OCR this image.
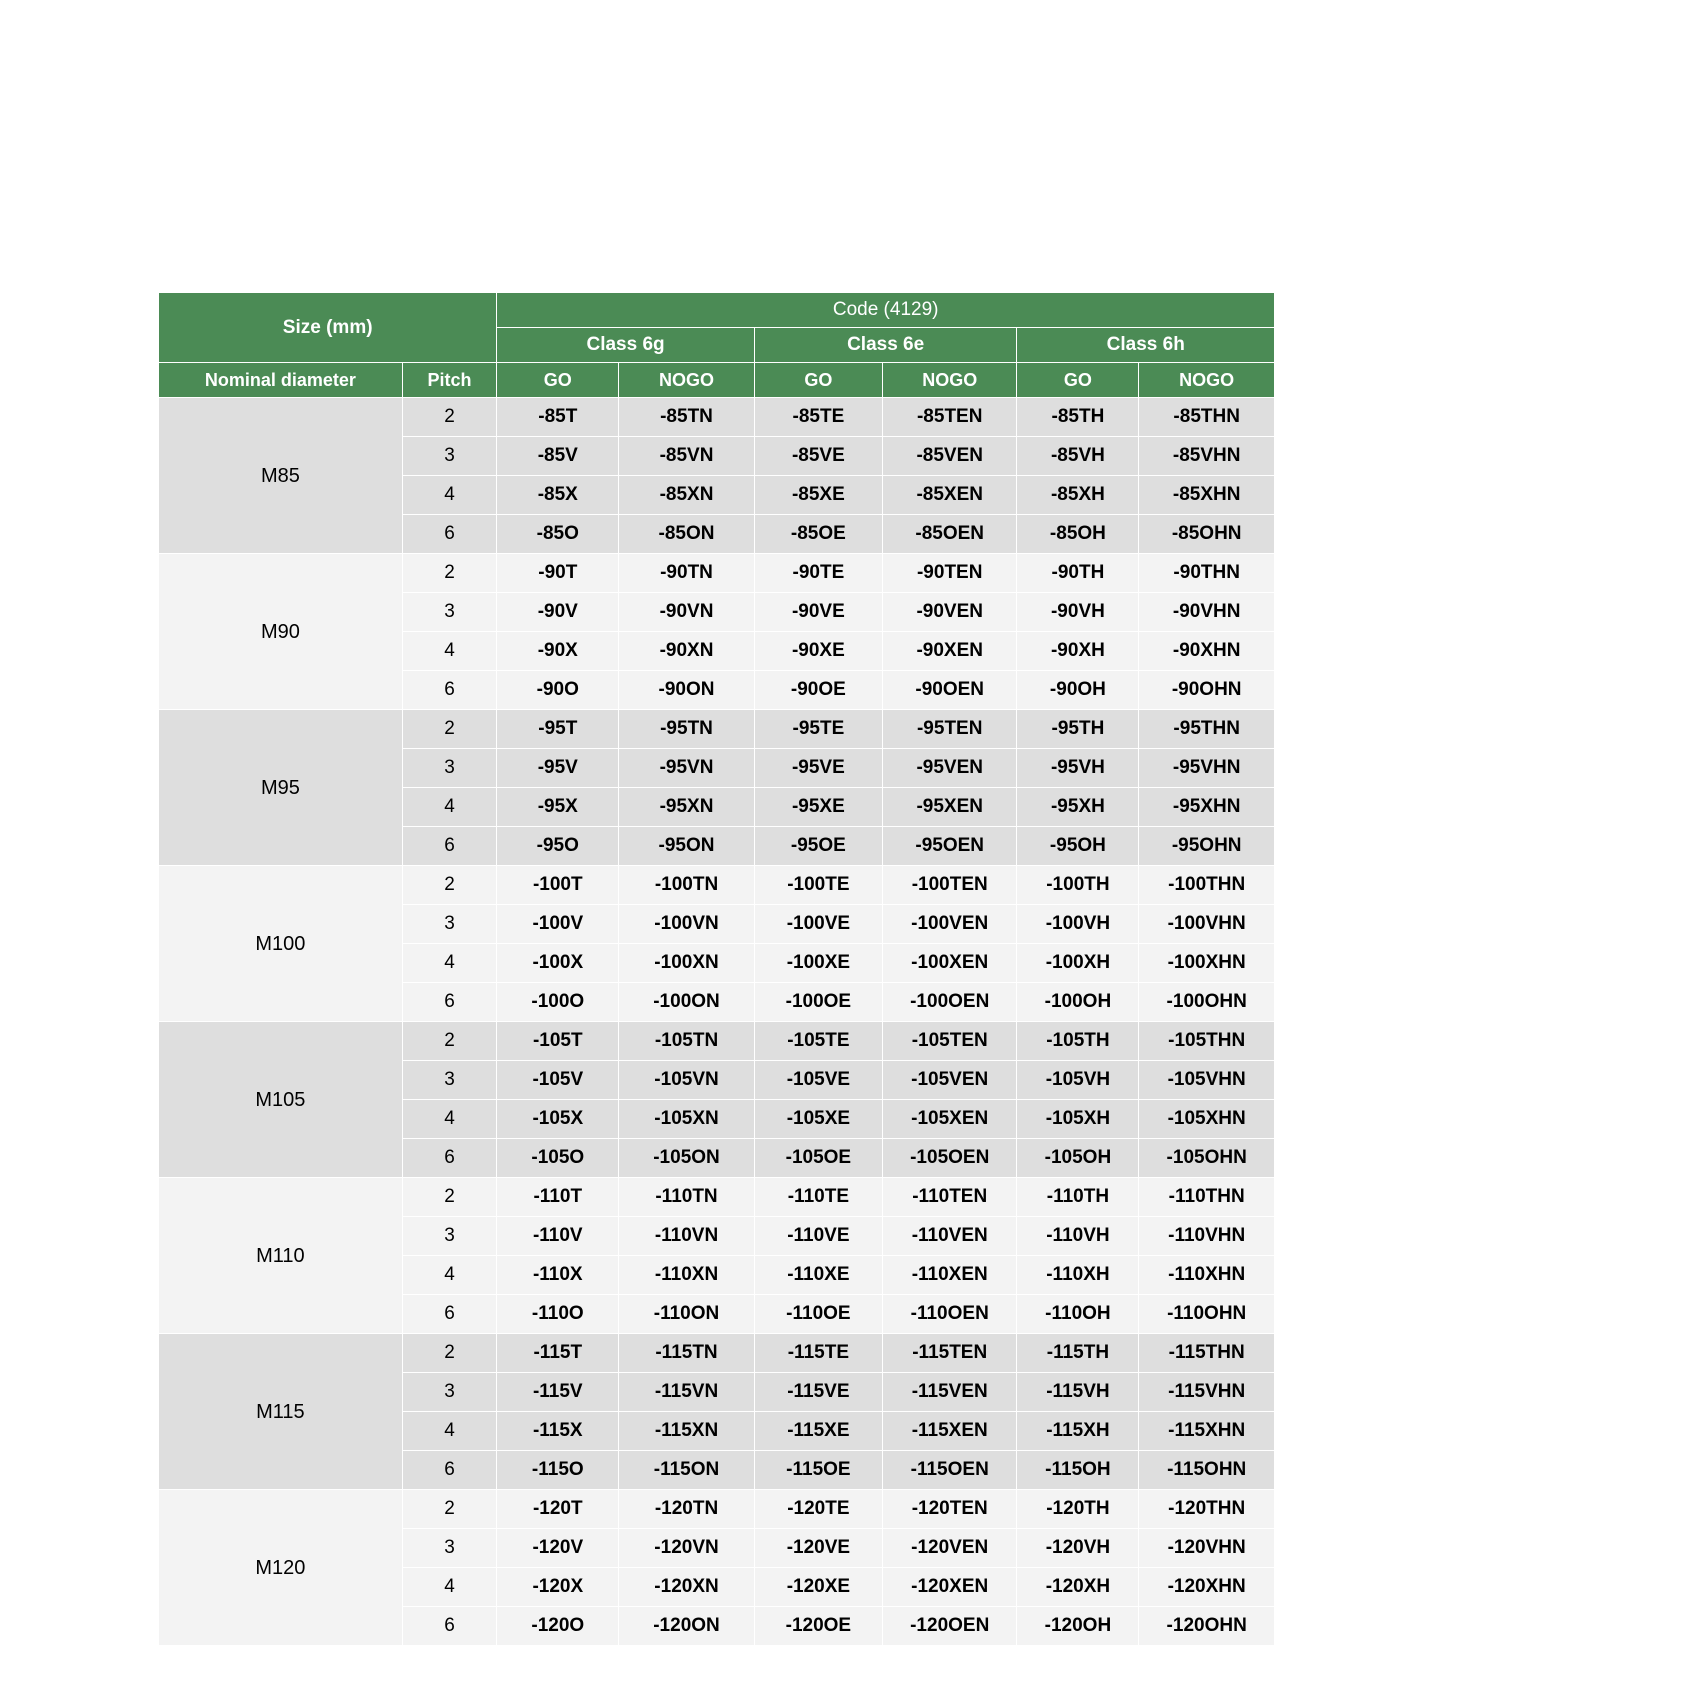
Size (mm)		Code (4129)					
		Class 6g		Class 6e		Class 6h	
Nominal diameter	Pitch	GO	NOGO	GO	NOGO	GO	NOGO
M85	2	-85T	-85TN	-85TE	-85TEN	-85TH	-85THN
	3	-85V	-85VN	-85VE	-85VEN	-85VH	-85VHN
	4	-85X	-85XN	-85XE	-85XEN	-85XH	-85XHN
	6	-85O	-85ON	-85OE	-85OEN	-85OH	-85OHN
M90	2	-90T	-90TN	-90TE	-90TEN	-90TH	-90THN
	3	-90V	-90VN	-90VE	-90VEN	-90VH	-90VHN
	4	-90X	-90XN	-90XE	-90XEN	-90XH	-90XHN
	6	-90O	-90ON	-90OE	-90OEN	-90OH	-90OHN
M95	2	-95T	-95TN	-95TE	-95TEN	-95TH	-95THN
	3	-95V	-95VN	-95VE	-95VEN	-95VH	-95VHN
	4	-95X	-95XN	-95XE	-95XEN	-95XH	-95XHN
	6	-95O	-95ON	-95OE	-95OEN	-95OH	-95OHN
M100	2	-100T	-100TN	-100TE	-100TEN	-100TH	-100THN
	3	-100V	-100VN	-100VE	-100VEN	-100VH	-100VHN
	4	-100X	-100XN	-100XE	-100XEN	-100XH	-100XHN
	6	-100O	-100ON	-100OE	-100OEN	-100OH	-100OHN
M105	2	-105T	-105TN	-105TE	-105TEN	-105TH	-105THN
	3	-105V	-105VN	-105VE	-105VEN	-105VH	-105VHN
	4	-105X	-105XN	-105XE	-105XEN	-105XH	-105XHN
	6	-105O	-105ON	-105OE	-105OEN	-105OH	-105OHN
M110	2	-110T	-110TN	-110TE	-110TEN	-110TH	-110THN
	3	-110V	-110VN	-110VE	-110VEN	-110VH	-110VHN
	4	-110X	-110XN	-110XE	-110XEN	-110XH	-110XHN
	6	-110O	-110ON	-110OE	-110OEN	-110OH	-110OHN
M115	2	-115T	-115TN	-115TE	-115TEN	-115TH	-115THN
	3	-115V	-115VN	-115VE	-115VEN	-115VH	-115VHN
	4	-115X	-115XN	-115XE	-115XEN	-115XH	-115XHN
	6	-115O	-115ON	-115OE	-115OEN	-115OH	-115OHN
M120	2	-120T	-120TN	-120TE	-120TEN	-120TH	-120THN
	3	-120V	-120VN	-120VE	-120VEN	-120VH	-120VHN
	4	-120X	-120XN	-120XE	-120XEN	-120XH	-120XHN
	6	-120O	-120ON	-120OE	-120OEN	-120OH	-120OHN
